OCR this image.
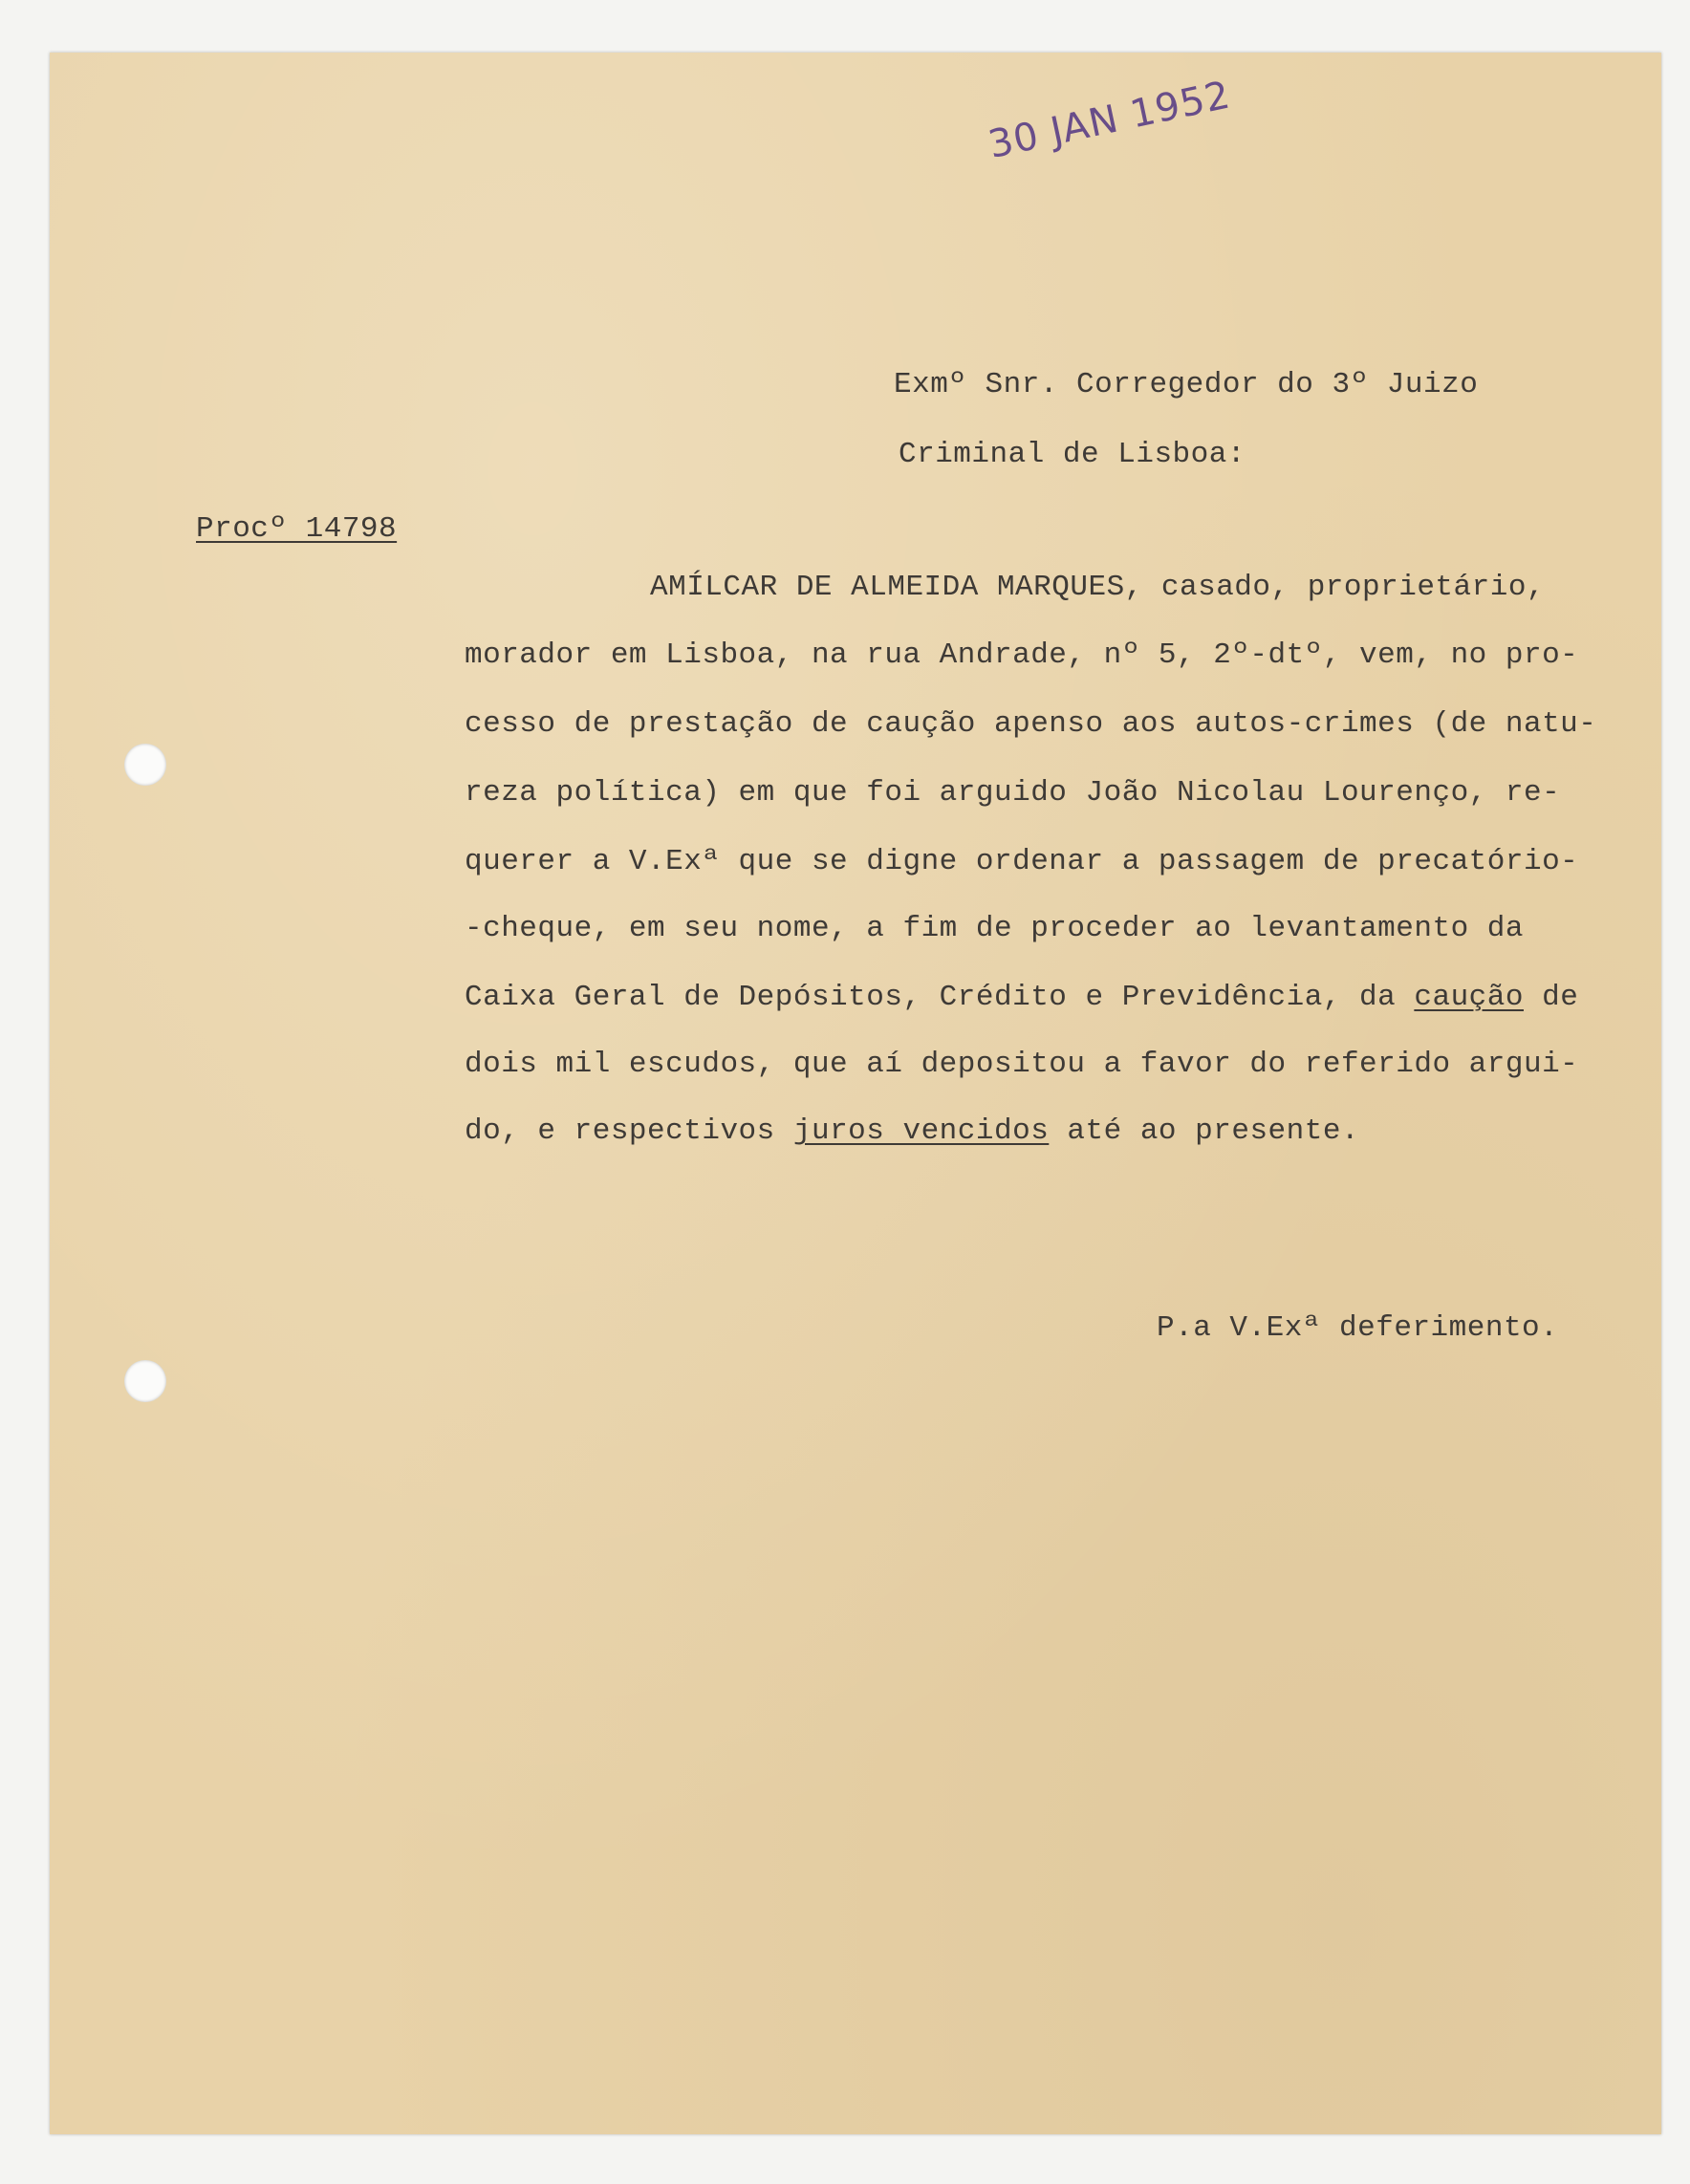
30 JAN 1952
Exmº Snr. Corregedor do 3º Juizo
Criminal de Lisboa:
Procº 14798
AMÍLCAR DE ALMEIDA MARQUES, casado, proprietário,
morador em Lisboa, na rua Andrade, nº 5, 2º-dtº, vem, no pro-
cesso de prestação de caução apenso aos autos-crimes (de natu-
reza política) em que foi arguido João Nicolau Lourenço, re-
querer a V.Exª que se digne ordenar a passagem de precatório-
-cheque, em seu nome, a fim de proceder ao levantamento da
Caixa Geral de Depósitos, Crédito e Previdência, da caução de
dois mil escudos, que aí depositou a favor do referido argui-
do, e respectivos juros vencidos até ao presente.
P.a V.Exª deferimento.
